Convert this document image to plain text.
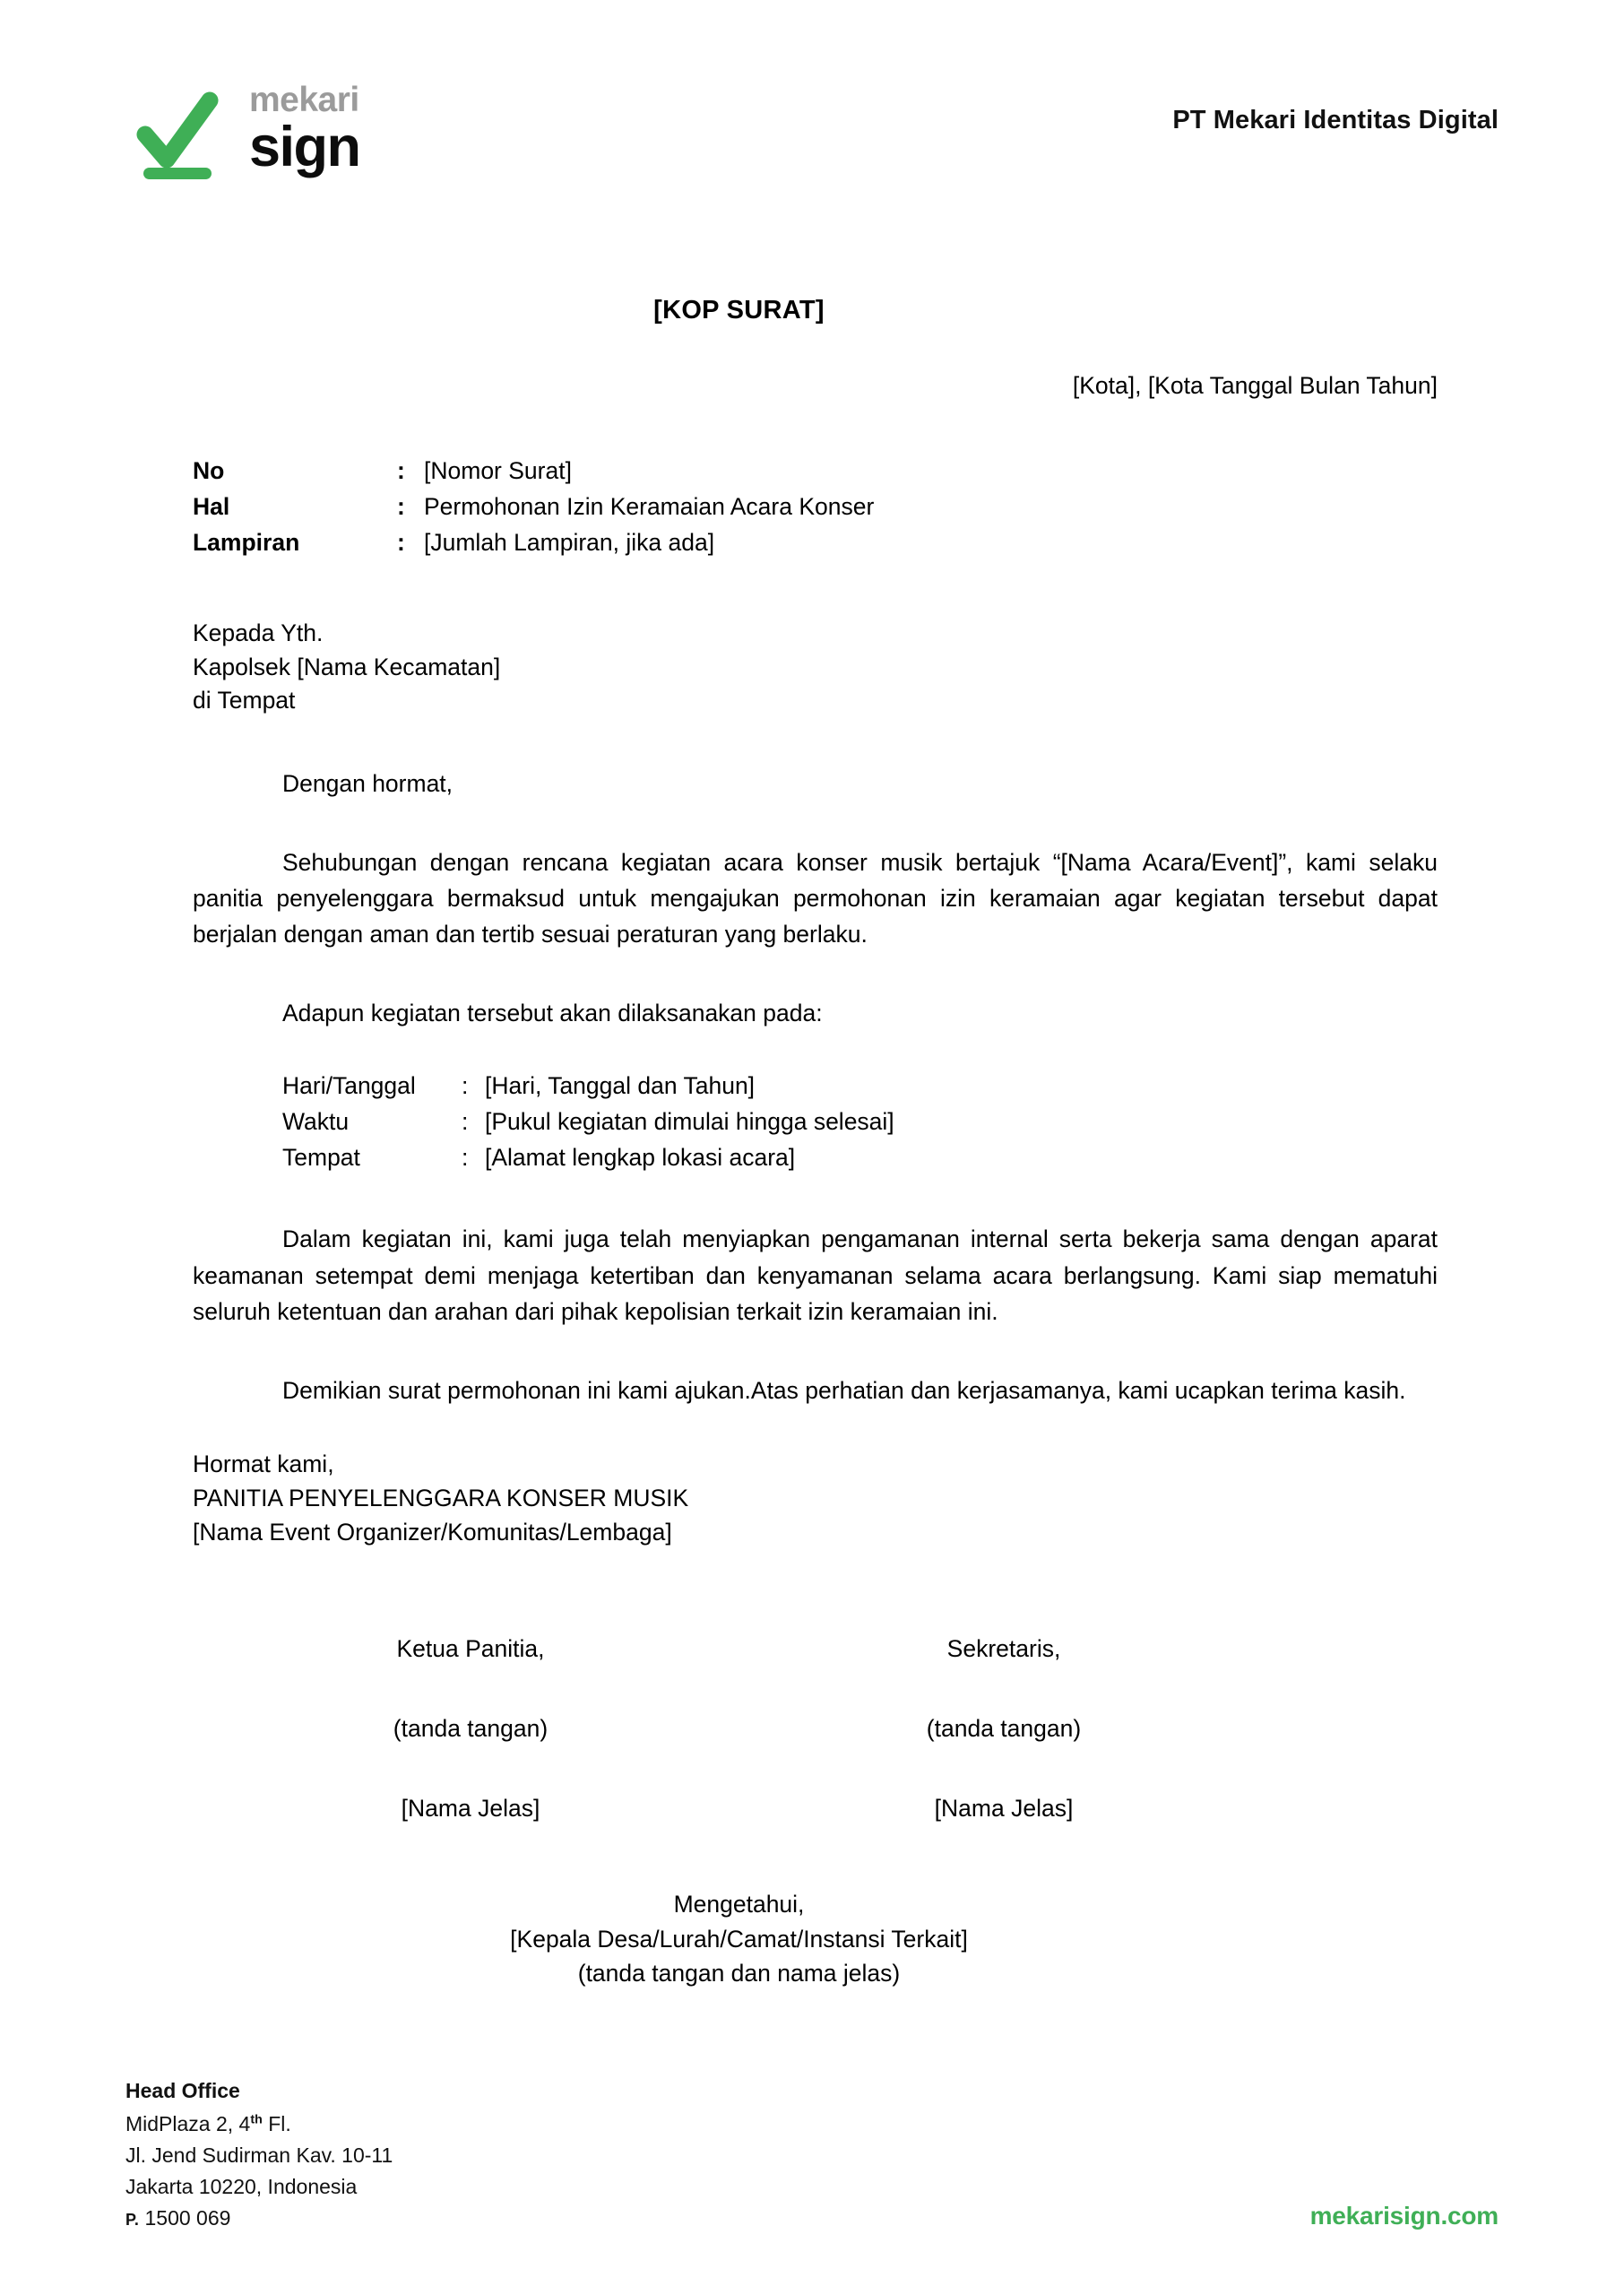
mekari
sign	PT Mekari Identitas Digital
[KOP SURAT]
[Kota], [Kota Tanggal Bulan Tahun]
No	:	[Nomor Surat]
Hal	:	Permohonan Izin Keramaian Acara Konser
Lampiran	:	[Jumlah Lampiran, jika ada]
Kepada Yth.
Kapolsek [Nama Kecamatan]
di Tempat
Dengan hormat,

Sehubungan dengan rencana kegiatan acara konser musik bertajuk “[Nama Acara/Event]”, kami selaku panitia penyelenggara bermaksud untuk mengajukan permohonan izin keramaian agar kegiatan tersebut dapat berjalan dengan aman dan tertib sesuai peraturan yang berlaku.

Adapun kegiatan tersebut akan dilaksanakan pada:
Hari/Tanggal	:	[Hari, Tanggal dan Tahun]
Waktu	:	[Pukul kegiatan dimulai hingga selesai]
Tempat	:	[Alamat lengkap lokasi acara]

Dalam kegiatan ini, kami juga telah menyiapkan pengamanan internal serta bekerja sama dengan aparat keamanan setempat demi menjaga ketertiban dan kenyamanan selama acara berlangsung. Kami siap mematuhi seluruh ketentuan dan arahan dari pihak kepolisian terkait izin keramaian ini.

Demikian surat permohonan ini kami ajukan.Atas perhatian dan kerjasamanya, kami ucapkan terima kasih.

Hormat kami,
PANITIA PENYELENGGARA KONSER MUSIK
[Nama Event Organizer/Komunitas/Lembaga]
Ketua Panitia,
(tanda tangan)
[Nama Jelas]
Sekretaris,
(tanda tangan)
[Nama Jelas]
Mengetahui,
[Kepala Desa/Lurah/Camat/Instansi Terkait]
(tanda tangan dan nama jelas)
Head Office
MidPlaza 2, 4th Fl.
Jl. Jend Sudirman Kav. 10-11
Jakarta 10220, Indonesia
P. 1500 069	mekarisign.com
